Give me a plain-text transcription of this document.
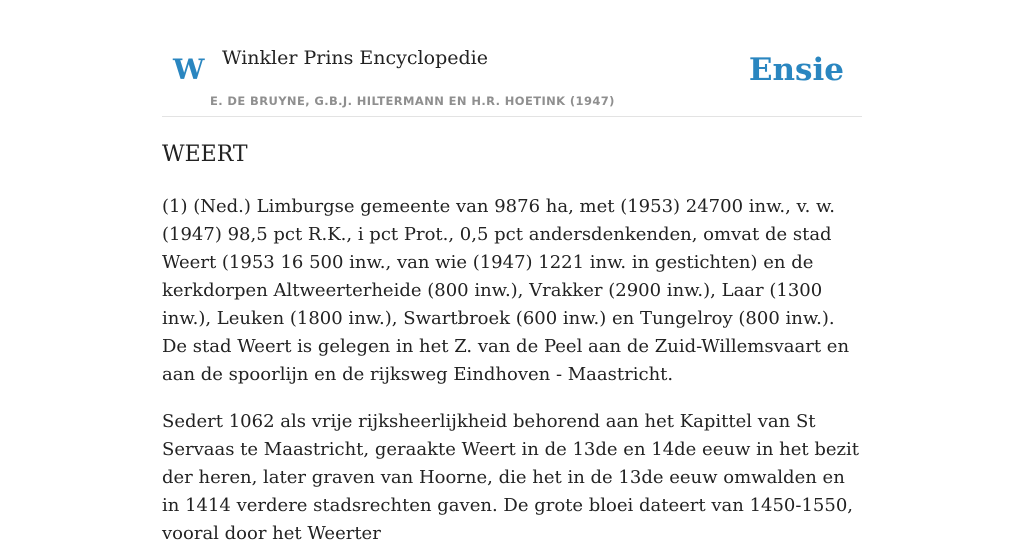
W Winkler Prins Encyclopedie
E. DE BRUYNE, G.B.J. HILTERMANN EN H.R. HOETINK (1947)
Ensie
WEERT

(1) (Ned.) Limburgse gemeente van 9876 ha, met (1953) 24700 inw., v. w. (1947) 98,5 pct R.K., i pct Prot., 0,5 pct andersdenkenden, omvat de stad Weert (1953 16 500 inw., van wie (1947) 1221 inw. in gestichten) en de kerkdorpen Altweerterheide (800 inw.), Vrakker (2900 inw.), Laar (1300 inw.), Leuken (1800 inw.), Swartbroek (600 inw.) en Tungelroy (800 inw.). De stad Weert is gelegen in het Z. van de Peel aan de Zuid-Willemsvaart en aan de spoorlijn en de rijksweg Eindhoven - Maastricht.

Sedert 1062 als vrije rijksheerlijkheid behorend aan het Kapittel van St Servaas te Maastricht, geraakte Weert in de 13de en 14de eeuw in het bezit der heren, later graven van Hoorne, die het in de 13de eeuw omwalden en in 1414 verdere stadsrechten gaven. De grote bloei dateert van 1450-1550, vooral door het Weerter
